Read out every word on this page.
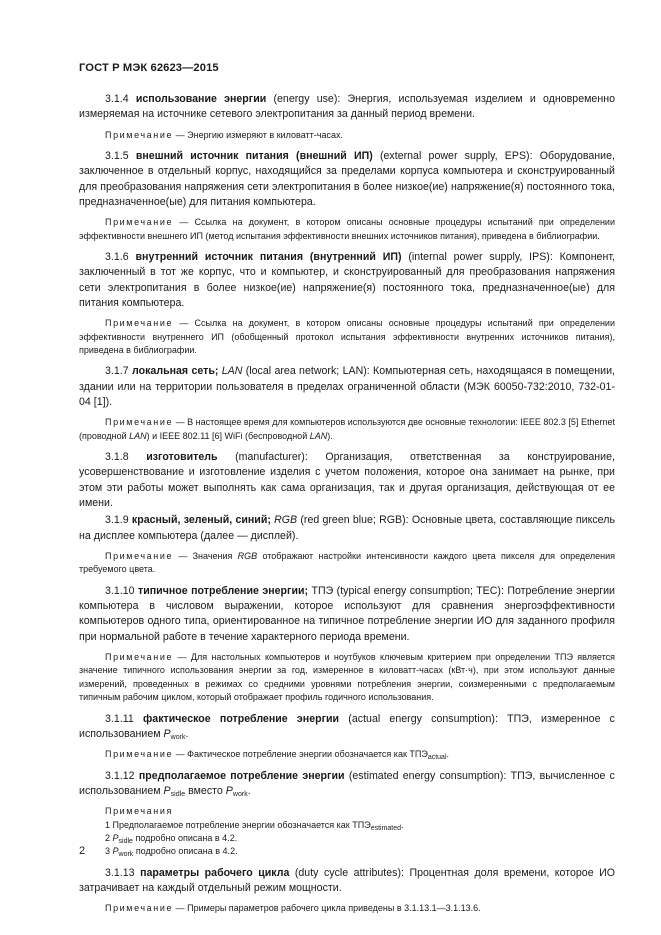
ГОСТ Р МЭК 62623—2015

3.1.4 использование энергии (energy use): Энергия, используемая изделием и одновременно измеряемая на источнике сетевого электропитания за данный период времени.

Примечание — Энергию измеряют в киловатт-часах.

3.1.5 внешний источник питания (внешний ИП) (external power supply, EPS): Оборудование, заключенное в отдельный корпус, находящийся за пределами корпуса компьютера и сконструированный для преобразования напряжения сети электропитания в более низкое(ие) напряжение(я) постоянного тока, предназначенное(ые) для питания компьютера.

Примечание — Ссылка на документ, в котором описаны основные процедуры испытаний при определении эффективности внешнего ИП (метод испытания эффективности внешних источников питания), приведена в библиографии.

3.1.6 внутренний источник питания (внутренний ИП) (internal power supply, IPS): Компонент, заключенный в тот же корпус, что и компьютер, и сконструированный для преобразования напряжения сети электропитания в более низкое(ие) напряжение(я) постоянного тока, предназначенное(ые) для питания компьютера.

Примечание — Ссылка на документ, в котором описаны основные процедуры испытаний при определении эффективности внутреннего ИП (обобщенный протокол испытания эффективности внутренних источников питания), приведена в библиографии.

3.1.7 локальная сеть; LAN (local area network; LAN): Компьютерная сеть, находящаяся в помещении, здании или на территории пользователя в пределах ограниченной области (МЭК 60050-732:2010, 732-01-04 [1]).

Примечание — В настоящее время для компьютеров используются две основные технологии: IEEE 802.3 [5] Ethernet (проводной LAN) и IEEE 802.11 [6] WiFi (беспроводной LAN).

3.1.8 изготовитель (manufacturer): Организация, ответственная за конструирование, усовершенствование и изготовление изделия с учетом положения, которое она занимает на рынке, при этом эти работы может выполнять как сама организация, так и другая организация, действующая от ее имени.

3.1.9 красный, зеленый, синий; RGB (red green blue; RGB): Основные цвета, составляющие пиксель на дисплее компьютера (далее — дисплей).

Примечание — Значения RGB отображают настройки интенсивности каждого цвета пикселя для определения требуемого цвета.

3.1.10 типичное потребление энергии; ТПЭ (typical energy consumption; TEC): Потребление энергии компьютера в числовом выражении, которое используют для сравнения энергоэффективности компьютеров одного типа, ориентированное на типичное потребление энергии ИО для заданного профиля при нормальной работе в течение характерного периода времени.

Примечание — Для настольных компьютеров и ноутбуков ключевым критерием при определении ТПЭ является значение типичного использования энергии за год, измеренное в киловатт-часах (кВт·ч), при этом используют данные измерений, проведенных в режимах со средними уровнями потребления энергии, соизмеренными с предполагаемым типичным рабочим циклом, который отображает профиль годичного использования.

3.1.11 фактическое потребление энергии (actual energy consumption): ТПЭ, измеренное с использованием $P_{work}$.

Примечание — Фактическое потребление энергии обозначается как $ТПЭ_{actual}$.

3.1.12 предполагаемое потребление энергии (estimated energy consumption): ТПЭ, вычисленное с использованием $P_{sidle}$ вместо $P_{work}$.

Примечания

1 Предполагаемое потребление энергии обозначается как $ТПЭ_{estimated}$.

2 $P_{sidle}$ подробно описана в 4.2.

3 $P_{work}$ подробно описана в 4.2.

3.1.13 параметры рабочего цикла (duty cycle attributes): Процентная доля времени, которое ИО затрачивает на каждый отдельный режим мощности.

Примечание — Примеры параметров рабочего цикла приведены в 3.1.13.1—3.1.13.6.

2
